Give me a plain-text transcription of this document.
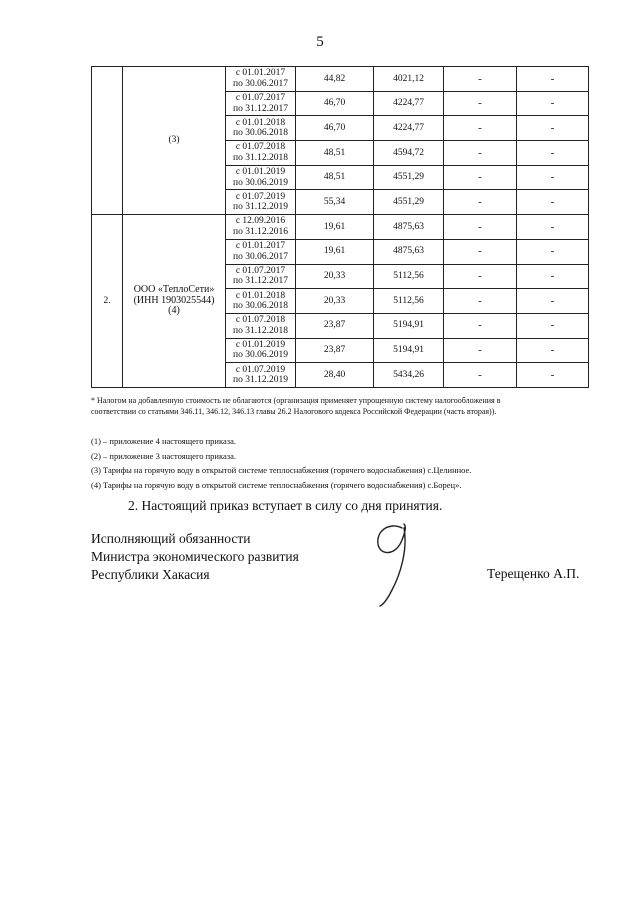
5
	(3)	с 01.01.2017
по 30.06.2017	44,82	4021,12	-	-

		с 01.07.2017
по 31.12.2017	46,70	4224,77	-	-

		с 01.01.2018
по 30.06.2018	46,70	4224,77	-	-

		с 01.07.2018
по 31.12.2018	48,51	4594,72	-	-

		с 01.01.2019
по 30.06.2019	48,51	4551,29	-	-

		с 01.07.2019
по 31.12.2019	55,34	4551,29	-	-
2.	ООО «ТеплоСети»
(ИНН 1903025544)
(4)	с 12.09.2016
по 31.12.2016	19,61	4875,63	-	-

		с 01.01.2017
по 30.06.2017	19,61	4875,63	-	-

		с 01.07.2017
по 31.12.2017	20,33	5112,56	-	-

		с 01.01.2018
по 30.06.2018	20,33	5112,56	-	-

		с 01.07.2018
по 31.12.2018	23,87	5194,91	-	-

		с 01.01.2019
по 30.06.2019	23,87	5194,91	-	-

		с 01.07.2019
по 31.12.2019	28,40	5434,26	-	-
* Налогом на добавленную стоимость не облагаются (организация применяет упрощенную систему налогообложения в
соответствии со статьями 346.11, 346.12, 346.13 главы 26.2 Налогового кодекса Российской Федерации (часть вторая)).
(1) – приложение 4 настоящего приказа.
(2) – приложение 3 настоящего приказа.
(3) Тарифы на горячую воду в открытой системе теплоснабжения (горячего водоснабжения) с.Целинное.
(4) Тарифы на горячую воду в открытой системе теплоснабжения (горячего водоснабжения) с.Борец».
2. Настоящий приказ вступает в силу со дня принятия.
Исполняющий обязанности
Министра экономического развития
Республики Хакасия	Терещенко А.П.
